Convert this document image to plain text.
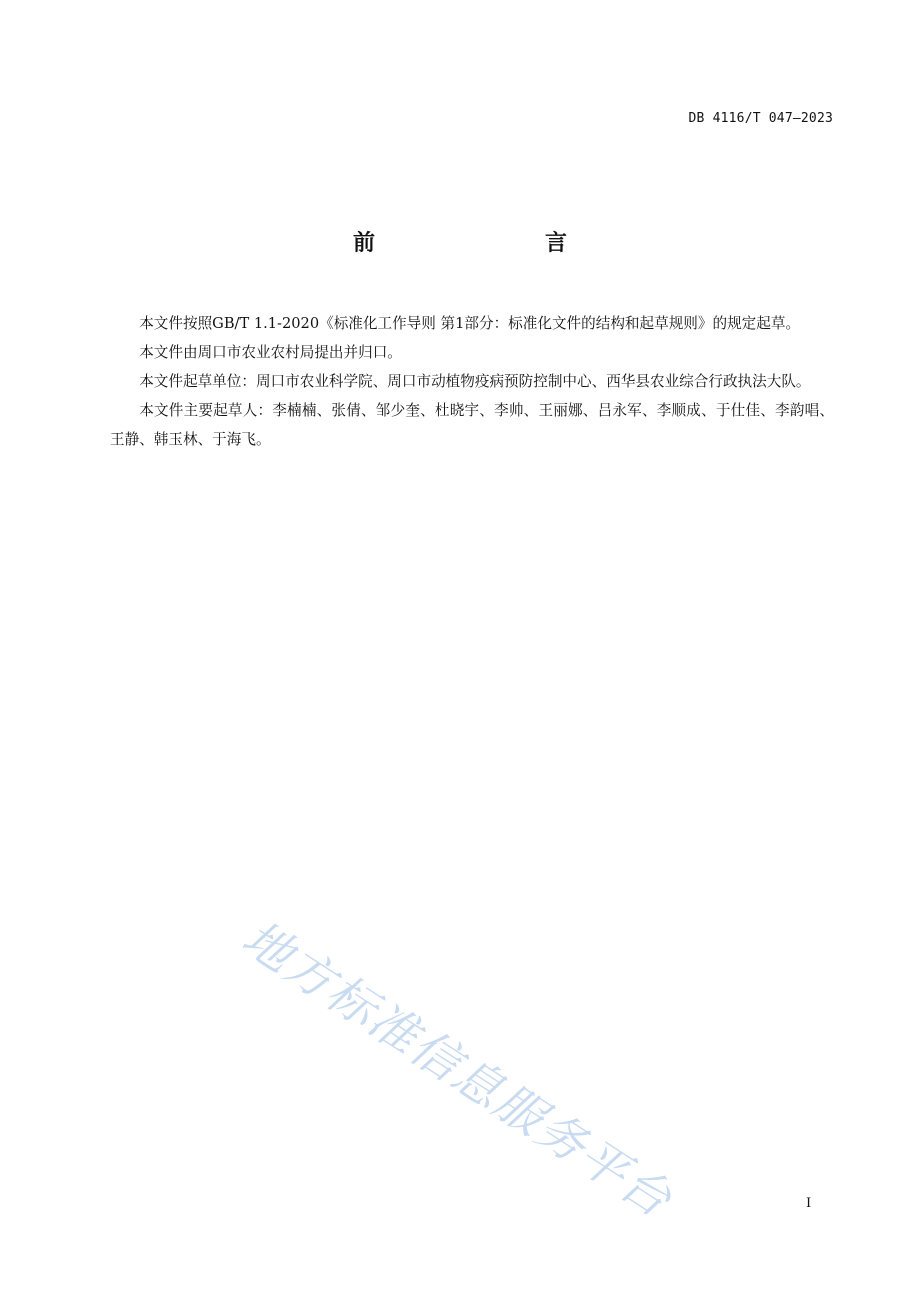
DB 4116/T 047—2023
前　　言

本文件按照GB/T 1.1-2020《标准化工作导则 第1部分：标准化文件的结构和起草规则》的规定起草。

本文件由周口市农业农村局提出并归口。

本文件起草单位：周口市农业科学院、周口市动植物疫病预防控制中心、西华县农业综合行政执法大队。

本文件主要起草人：李楠楠、张倩、邹少奎、杜晓宇、李帅、王丽娜、吕永军、李顺成、于仕佳、李韵唱、王静、韩玉林、于海飞。

地方标准信息服务平台	I
